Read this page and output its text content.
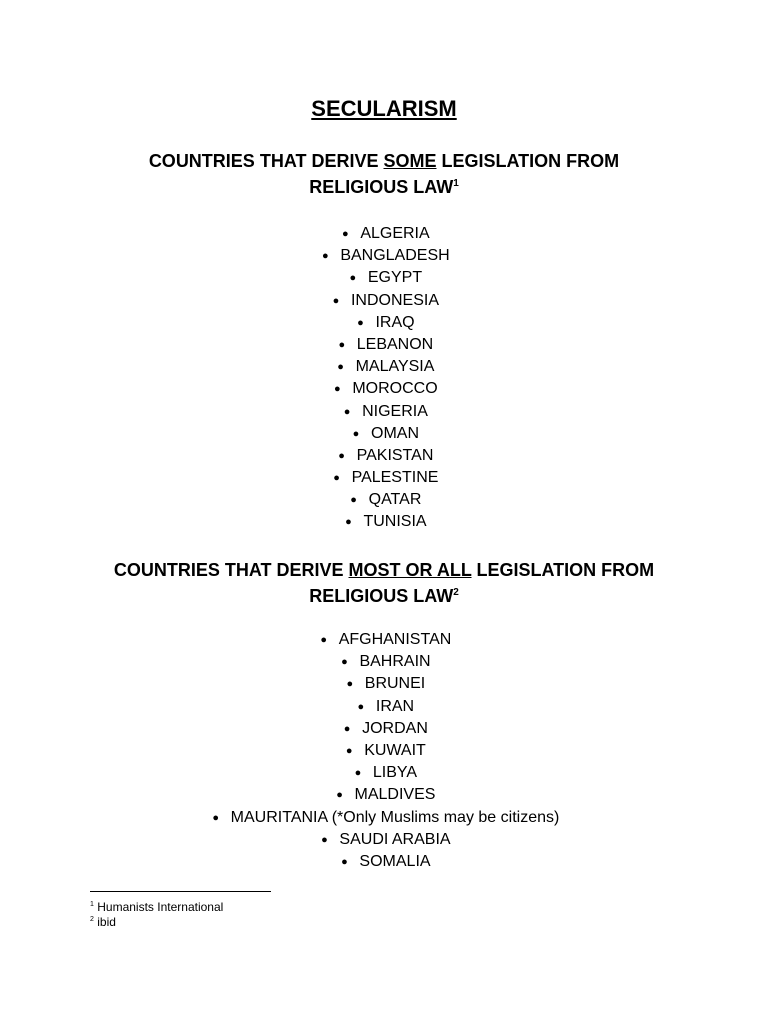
SECULARISM
COUNTRIES THAT DERIVE SOME LEGISLATION FROM
RELIGIOUS LAW$^1$
● ALGERIA
● BANGLADESH
● EGYPT
● INDONESIA
● IRAQ
● LEBANON
● MALAYSIA
● MOROCCO
● NIGERIA
● OMAN
● PAKISTAN
● PALESTINE
● QATAR
● TUNISIA
COUNTRIES THAT DERIVE MOST OR ALL LEGISLATION FROM
RELIGIOUS LAW$^2$
● AFGHANISTAN
● BAHRAIN
● BRUNEI
● IRAN
● JORDAN
● KUWAIT
● LIBYA
● MALDIVES
● MAURITANIA (*Only Muslims may be citizens)
● SAUDI ARABIA
● SOMALIA
$^1$ Humanists International
$^2$ ibid
